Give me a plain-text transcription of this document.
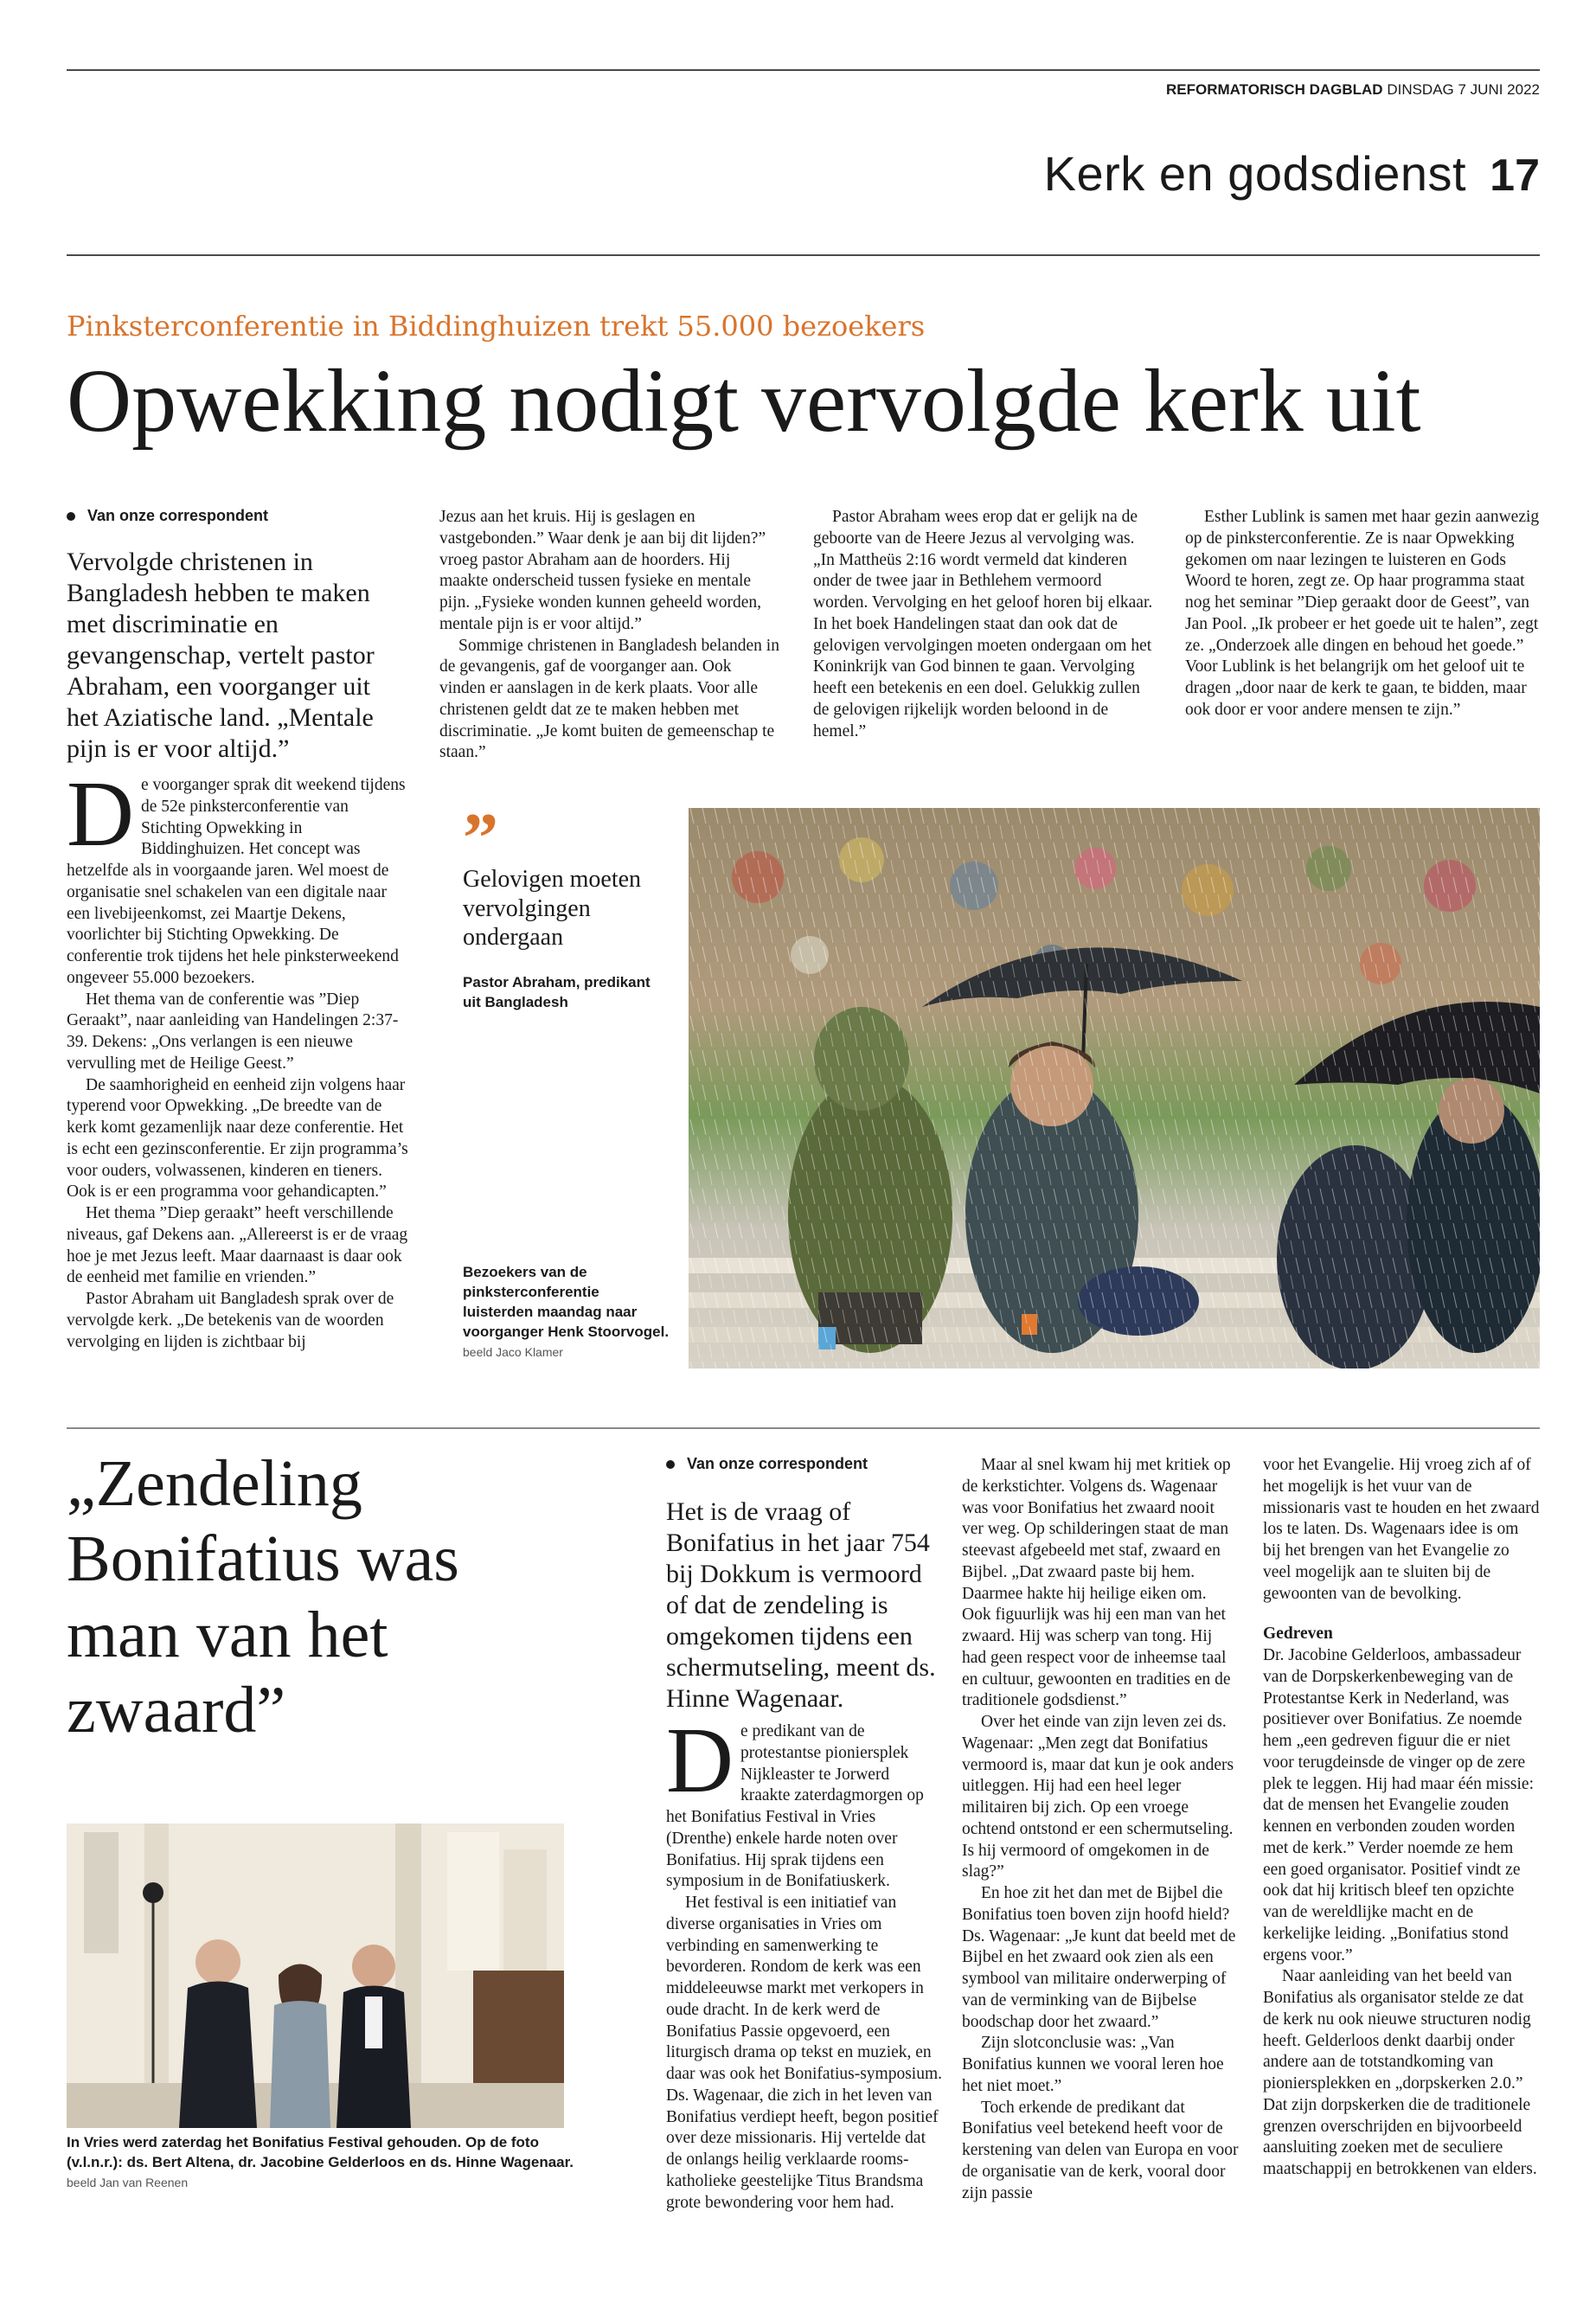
REFORMATORISCH DAGBLAD DINSDAG 7 JUNI 2022
Kerk en godsdienst 17
Pinksterconferentie in Biddinghuizen trekt 55.000 bezoekers
Opwekking nodigt vervolgde kerk uit
Van onze correspondent
Vervolgde christenen in Bangladesh hebben te maken met discriminatie en gevangenschap, vertelt pastor Abraham, een voorganger uit het Aziatische land. „Mentale pijn is er voor altijd.”
D e voorganger sprak dit weekend tijdens de 52e pinksterconferentie van Stichting Opwekking in Biddinghuizen. Het concept was hetzelfde als in voorgaande jaren. Wel moest de organisatie snel schakelen van een digitale naar een livebijeenkomst, zei Maartje Dekens, voorlichter bij Stichting Opwekking. De conferentie trok tijdens het hele pinksterweekend ongeveer 55.000 bezoekers.

Het thema van de conferentie was ”Diep Geraakt”, naar aanleiding van Handelingen 2:37-39. Dekens: „Ons verlangen is een nieuwe vervulling met de Heilige Geest.”

De saamhorigheid en eenheid zijn volgens haar typerend voor Opwekking. „De breedte van de kerk komt gezamenlijk naar deze conferentie. Het is echt een gezinsconferentie. Er zijn programma’s voor ouders, volwassenen, kinderen en tieners. Ook is er een programma voor gehandicapten.”

Het thema ”Diep geraakt” heeft verschillende niveaus, gaf Dekens aan. „Allereerst is er de vraag hoe je met Jezus leeft. Maar daarnaast is daar ook de eenheid met familie en vrienden.”

Pastor Abraham uit Bangladesh sprak over de vervolgde kerk. „De betekenis van de woorden vervolging en lijden is zichtbaar bij

Jezus aan het kruis. Hij is geslagen en vastgebonden.” Waar denk je aan bij dit lijden?” vroeg pastor Abraham aan de hoorders. Hij maakte onderscheid tussen fysieke en mentale pijn. „Fysieke wonden kunnen geheeld worden, mentale pijn is er voor altijd.”

Sommige christenen in Bangladesh belanden in de gevangenis, gaf de voorganger aan. Ook vinden er aanslagen in de kerk plaats. Voor alle christenen geldt dat ze te maken hebben met discriminatie. „Je komt buiten de gemeenschap te staan.”

Pastor Abraham wees erop dat er gelijk na de geboorte van de Heere Jezus al vervolging was. „In Mattheüs 2:16 wordt vermeld dat kinderen onder de twee jaar in Bethlehem vermoord worden. Vervolging en het geloof horen bij elkaar. In het boek Handelingen staat dan ook dat de gelovigen vervolgingen moeten ondergaan om het Koninkrijk van God binnen te gaan. Vervolging heeft een betekenis en een doel. Gelukkig zullen de gelovigen rijkelijk worden beloond in de hemel.”

Esther Lublink is samen met haar gezin aanwezig op de pinksterconferentie. Ze is naar Opwekking gekomen om naar lezingen te luisteren en Gods Woord te horen, zegt ze. Op haar programma staat nog het seminar ”Diep geraakt door de Geest”, van Jan Pool. „Ik probeer er het goede uit te halen”, zegt ze. „Onderzoek alle dingen en behoud het goede.” Voor Lublink is het belangrijk om het geloof uit te dragen „door naar de kerk te gaan, te bidden, maar ook door er voor andere mensen te zijn.”

”
Gelovigen moeten vervolgingen ondergaan
Pastor Abraham, predikant uit Bangladesh
Bezoekers van de pinksterconferentie luisterden maandag naar voorganger Henk Stoorvogel. beeld Jaco Klamer
„Zendeling Bonifatius was man van het zwaard”
In Vries werd zaterdag het Bonifatius Festival gehouden. Op de foto (v.l.n.r.): ds. Bert Altena, dr. Jacobine Gelderloos en ds. Hinne Wagenaar. beeld Jan van Reenen
Van onze correspondent
Het is de vraag of Bonifatius in het jaar 754 bij Dokkum is vermoord of dat de zendeling is omgekomen tijdens een schermutseling, meent ds. Hinne Wagenaar.
D e predikant van de protestantse pioniersplek Nijkleaster te Jorwerd kraakte zaterdagmorgen op het Bonifatius Festival in Vries (Drenthe) enkele harde noten over Bonifatius. Hij sprak tijdens een symposium in de Bonifatiuskerk.

Het festival is een initiatief van diverse organisaties in Vries om verbinding en samenwerking te bevorderen. Rondom de kerk was een middeleeuwse markt met verkopers in oude dracht. In de kerk werd de Bonifatius Passie opgevoerd, een liturgisch drama op tekst en muziek, en daar was ook het Bonifatius-symposium.

Ds. Wagenaar, die zich in het leven van Bonifatius verdiept heeft, begon positief over deze missionaris. Hij vertelde dat de onlangs heilig verklaarde rooms-katholieke geestelijke Titus Brandsma grote bewondering voor hem had.

Maar al snel kwam hij met kritiek op de kerkstichter. Volgens ds. Wagenaar was voor Bonifatius het zwaard nooit ver weg. Op schilderingen staat de man steevast afgebeeld met staf, zwaard en Bijbel. „Dat zwaard paste bij hem. Daarmee hakte hij heilige eiken om. Ook figuurlijk was hij een man van het zwaard. Hij was scherp van tong. Hij had geen respect voor de inheemse taal en cultuur, gewoonten en tradities en de traditionele godsdienst.”

Over het einde van zijn leven zei ds. Wagenaar: „Men zegt dat Bonifatius vermoord is, maar dat kun je ook anders uitleggen. Hij had een heel leger militairen bij zich. Op een vroege ochtend ontstond er een schermutseling. Is hij vermoord of omgekomen in de slag?”

En hoe zit het dan met de Bijbel die Bonifatius toen boven zijn hoofd hield? Ds. Wagenaar: „Je kunt dat beeld met de Bijbel en het zwaard ook zien als een symbool van militaire onderwerping of van de verminking van de Bijbelse boodschap door het zwaard.”

Zijn slotconclusie was: „Van Bonifatius kunnen we vooral leren hoe het niet moet.”

Toch erkende de predikant dat Bonifatius veel betekend heeft voor de kerstening van delen van Europa en voor de organisatie van de kerk, vooral door zijn passie

voor het Evangelie. Hij vroeg zich af of het mogelijk is het vuur van de missionaris vast te houden en het zwaard los te laten. Ds. Wagenaars idee is om bij het brengen van het Evangelie zo veel mogelijk aan te sluiten bij de gewoonten van de bevolking.

Gedreven

Dr. Jacobine Gelderloos, ambassadeur van de Dorpskerkenbeweging van de Protestantse Kerk in Nederland, was positiever over Bonifatius. Ze noemde hem „een gedreven figuur die er niet voor terugdeinsde de vinger op de zere plek te leggen. Hij had maar één missie: dat de mensen het Evangelie zouden kennen en verbonden zouden worden met de kerk.” Verder noemde ze hem een goed organisator. Positief vindt ze ook dat hij kritisch bleef ten opzichte van de wereldlijke macht en de kerkelijke leiding. „Bonifatius stond ergens voor.”

Naar aanleiding van het beeld van Bonifatius als organisator stelde ze dat de kerk nu ook nieuwe structuren nodig heeft. Gelderloos denkt daarbij onder andere aan de totstandkoming van pioniersplekken en „dorpskerken 2.0.” Dat zijn dorpskerken die de traditionele grenzen overschrijden en bijvoorbeeld aansluiting zoeken met de seculiere maatschappij en betrokkenen van elders.
